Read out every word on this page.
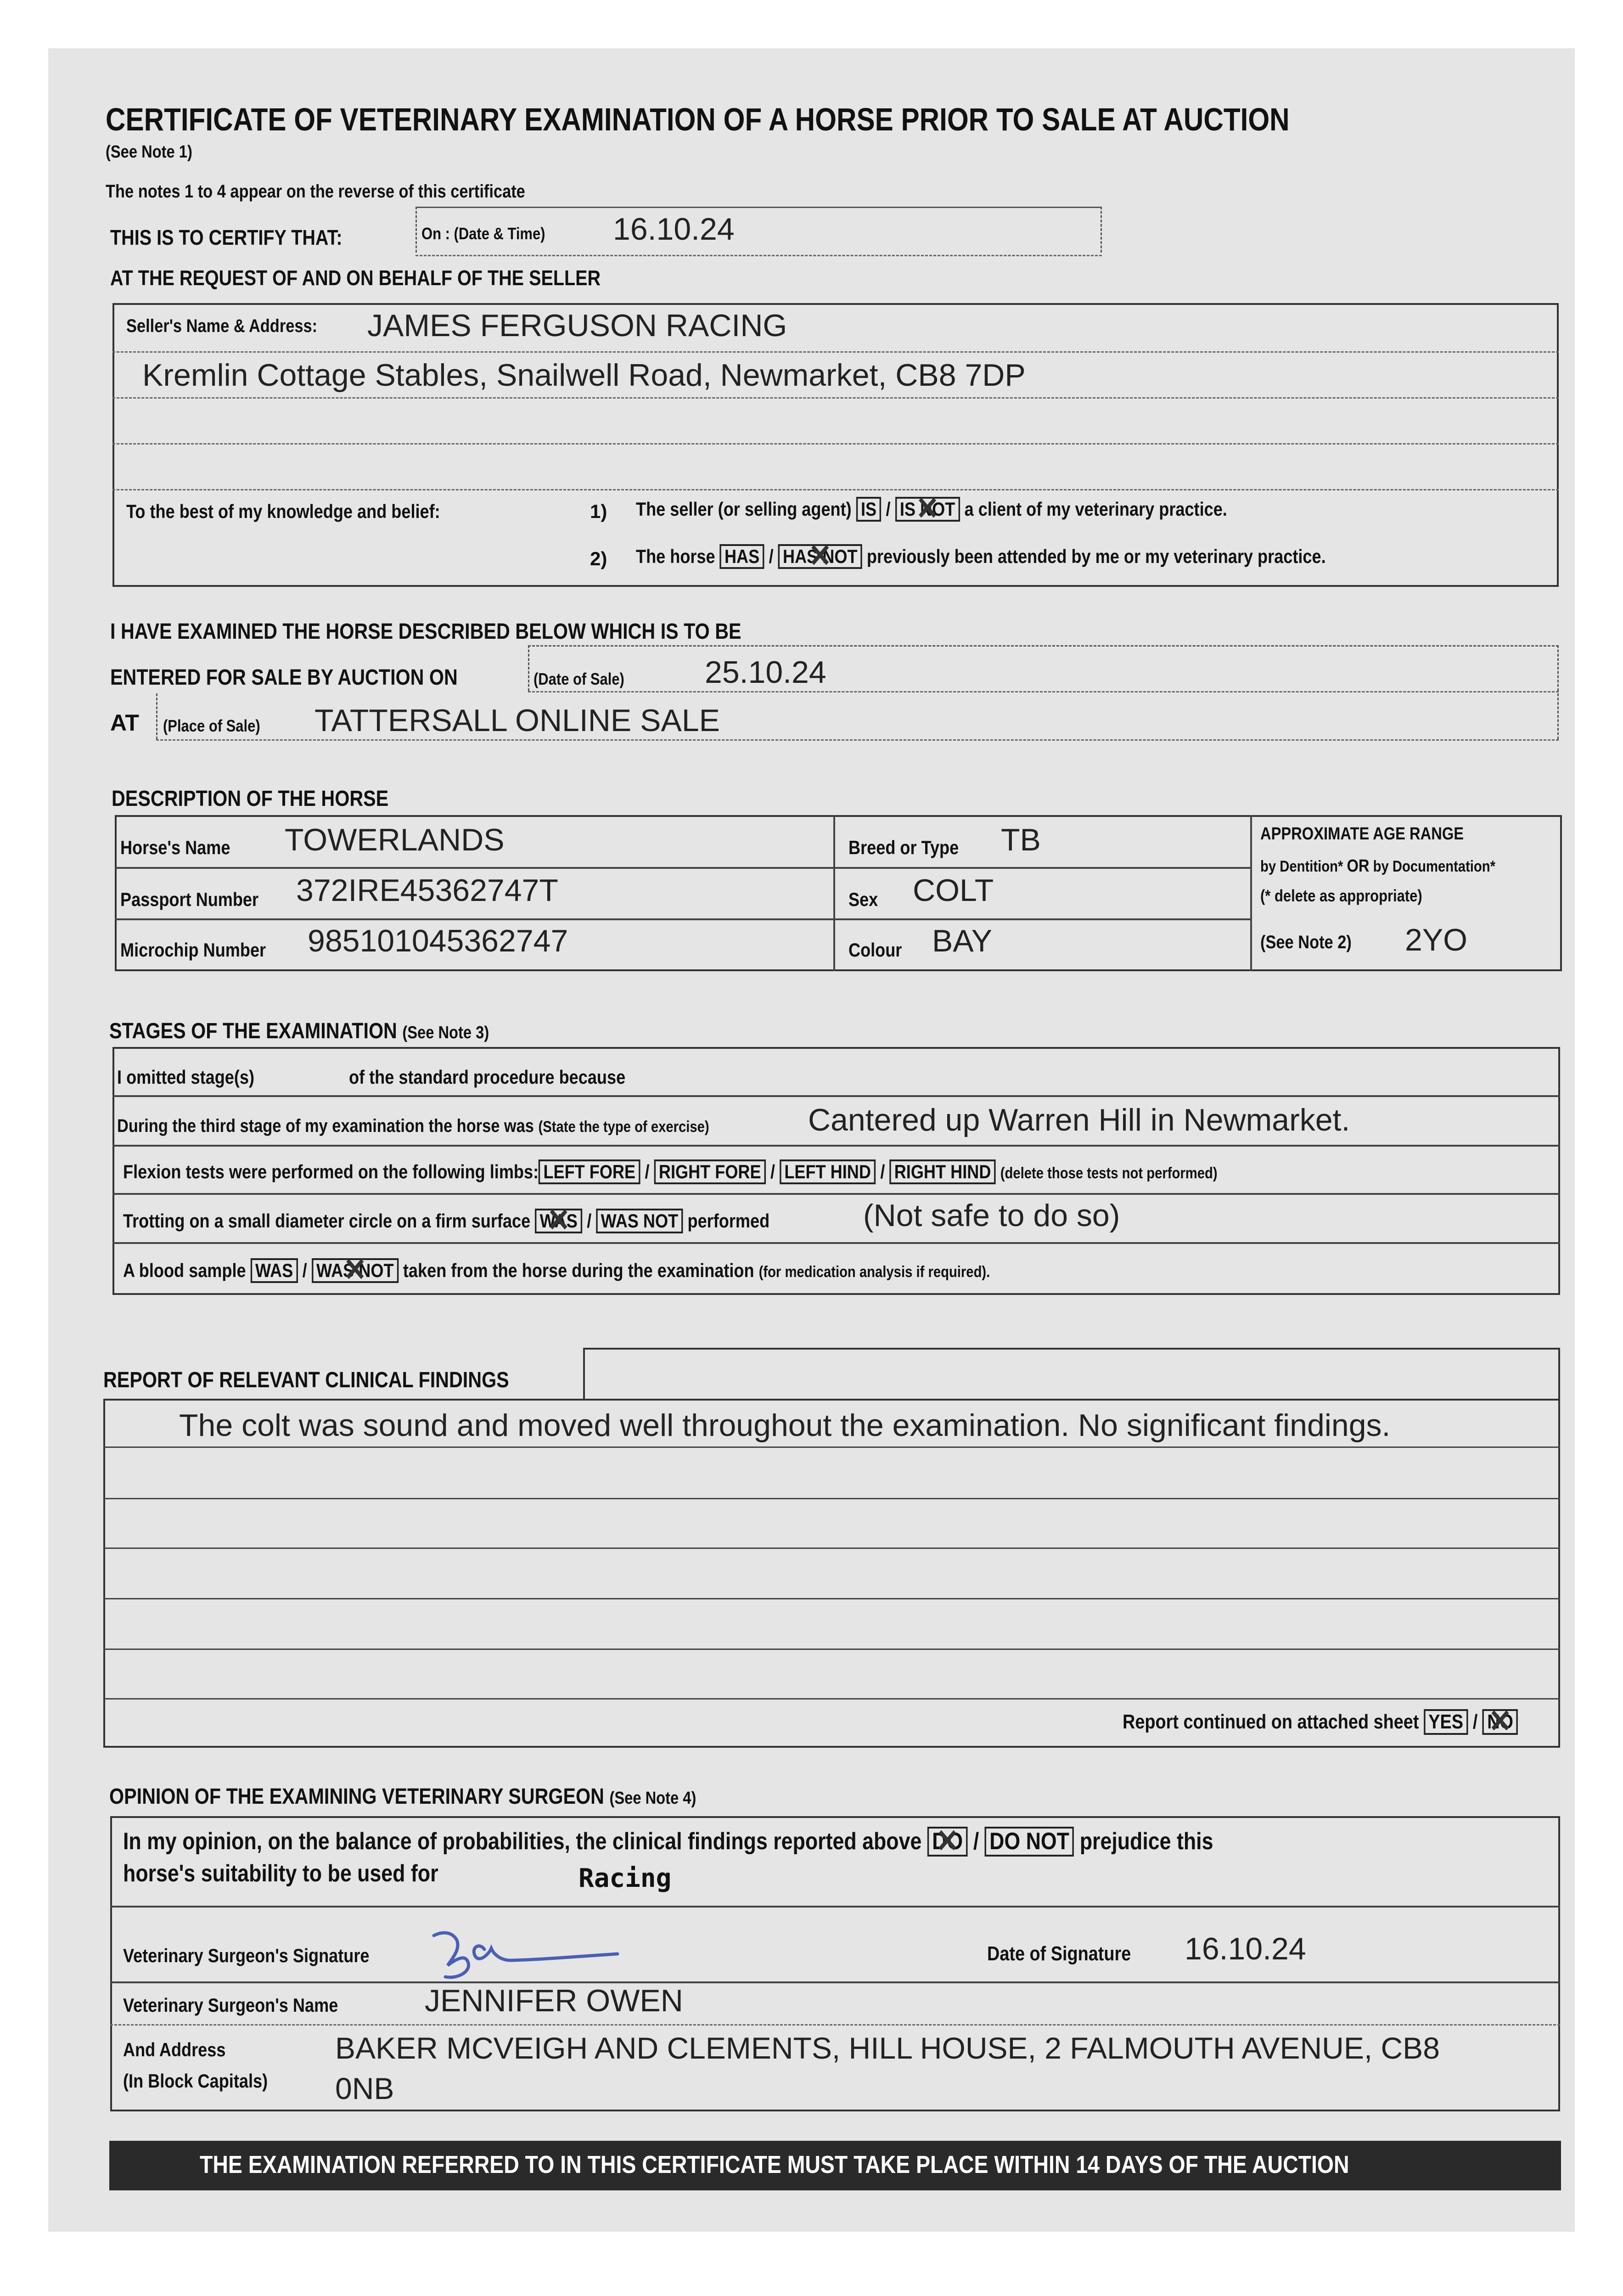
CERTIFICATE OF VETERINARY EXAMINATION OF A HORSE PRIOR TO SALE AT AUCTION
(See Note 1)
The notes 1 to 4 appear on the reverse of this certificate
THIS IS TO CERTIFY THAT:	On : (Date & Time)	16.10.24
AT THE REQUEST OF AND ON BEHALF OF THE SELLER
Seller's Name & Address:	JAMES FERGUSON RACING
Kremlin Cottage Stables, Snailwell Road, Newmarket, CB8 7DP
To the best of my knowledge and belief:	1) The seller (or selling agent) IS / IS NOT ✕ a client of my veterinary practice.
2) The horse HAS / HAS NOT ✕ previously been attended by me or my veterinary practice.
I HAVE EXAMINED THE HORSE DESCRIBED BELOW WHICH IS TO BE
ENTERED FOR SALE BY AUCTION ON	(Date of Sale)	25.10.24
AT (Place of Sale)	TATTERSALL ONLINE SALE
DESCRIPTION OF THE HORSE
Horse's Name	TOWERLANDS
Passport Number	372IRE45362747T
Microchip Number	985101045362747
Breed or Type	TB
Sex COLT
Colour BAY
APPROXIMATE AGE RANGE
by Dentition* OR by Documentation*
(* delete as appropriate)
(See Note 2)	2YO
STAGES OF THE EXAMINATION (See Note 3)
I omitted stage(s)	of the standard procedure because
During the third stage of my examination the horse was (State the type of exercise)	Cantered up Warren Hill in Newmarket.
Flexion tests were performed on the following limbs: LEFT FORE / RIGHT FORE / LEFT HIND / RIGHT HIND (delete those tests not performed)
Trotting on a small diameter circle on a firm surface WAS ✕ / WAS NOT performed	(Not safe to do so)
A blood sample WAS / WAS NOT ✕ taken from the horse during the examination (for medication analysis if required).
REPORT OF RELEVANT CLINICAL FINDINGS
The colt was sound and moved well throughout the examination. No significant findings.
Report continued on attached sheet YES / NO ✕
OPINION OF THE EXAMINING VETERINARY SURGEON (See Note 4)
In my opinion, on the balance of probabilities, the clinical findings reported above DO ✕ / DO NOT prejudice this
horse's suitability to be used for	Racing
Veterinary Surgeon's Signature	Date of Signature	16.10.24
Veterinary Surgeon's Name	JENNIFER OWEN
And Address
(In Block Capitals)
BAKER MCVEIGH AND CLEMENTS, HILL HOUSE, 2 FALMOUTH AVENUE, CB8
0NB
THE EXAMINATION REFERRED TO IN THIS CERTIFICATE MUST TAKE PLACE WITHIN 14 DAYS OF THE AUCTION
